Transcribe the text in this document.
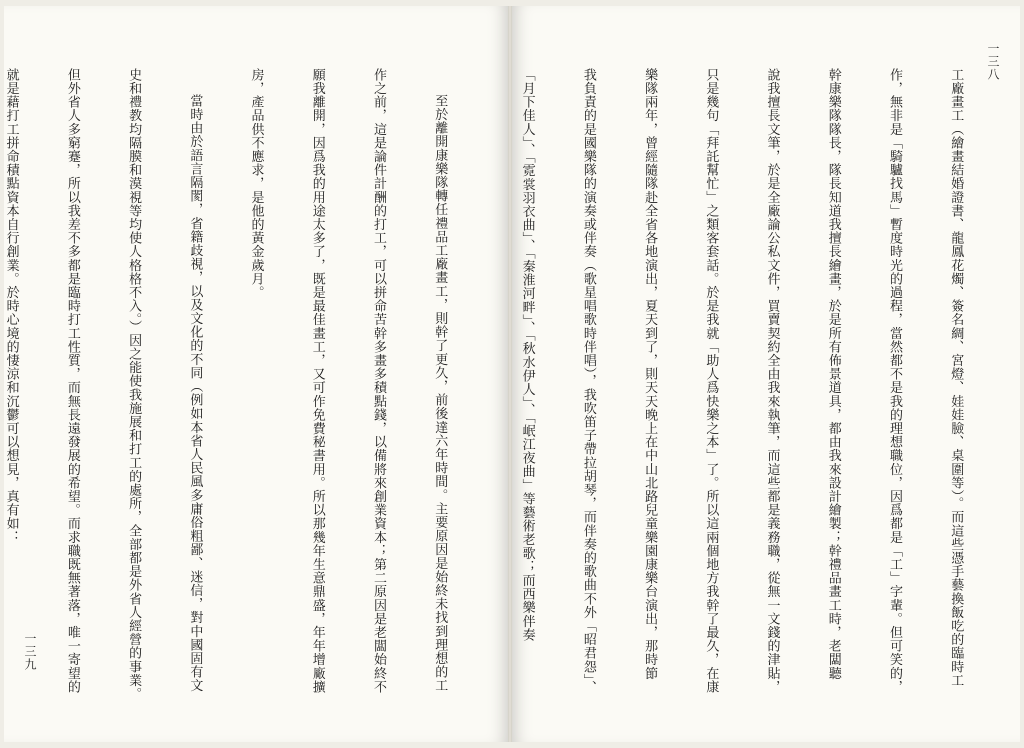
至於離開康樂隊轉任禮品工廠畫工，則幹了更久，前後達六年時間。主要原因是始終未找到理想的工

作之前，這是論件計酬的打工，可以拼命苦幹多畫多積點錢，以備將來創業資本；第二原因是老闆始終不

願我離開，因爲我的用途太多了，既是最佳畫工，又可作免費秘書用。所以那幾年生意鼎盛，年年增廠擴

房，產品供不應求，是他的黃金歲月。

當時由於語言隔閡，省籍歧視，以及文化的不同（例如本省人民風多庸俗粗鄙、迷信，對中國固有文

史和禮教均隔膜和漠視等均使人格格不入。）因之能使我施展和打工的處所，全部都是外省人經營的事業。

但外省人多窮蹇，所以我差不多都是臨時打工性質，而無長遠發展的希望。而求職既無著落，唯一寄望的

就是藉打工拼命積點資本自行創業。於時心境的悽涼和沉鬱可以想見，真有如：

一三九
一三八

工廠畫工（繪畫結婚證書、龍鳳花燭、簽名綢、宮燈、娃娃臉、桌圍等）。而這些憑手藝換飯吃的臨時工

作，無非是「騎驢找馬」暫度時光的過程，當然都不是我的理想職位，因爲都是「工」字輩。但可笑的，

幹康樂隊隊長，隊長知道我擅長繪畫，於是所有佈景道具，都由我來設計繪製；幹禮品畫工時，老闆聽

說我擅長文筆，於是全廠論公私文件，買賣契約全由我來執筆，而這些都是義務職，從無一文錢的津貼，

只是幾句「拜託幫忙」之類客套話。於是我就「助人爲快樂之本」了。所以這兩個地方我幹了最久，在康

樂隊兩年，曾經隨隊赴全省各地演出，夏天到了，則天天晚上在中山北路兒童樂園康樂台演出，那時節

我負責的是國樂隊的演奏或伴奏（歌星唱歌時伴唱），我吹笛子帶拉胡琴，而伴奏的歌曲不外「昭君怨」、

「月下佳人」、「霓裳羽衣曲」、「秦淮河畔」、「秋水伊人」、「岷江夜曲」等藝術老歌；而西樂伴奏
